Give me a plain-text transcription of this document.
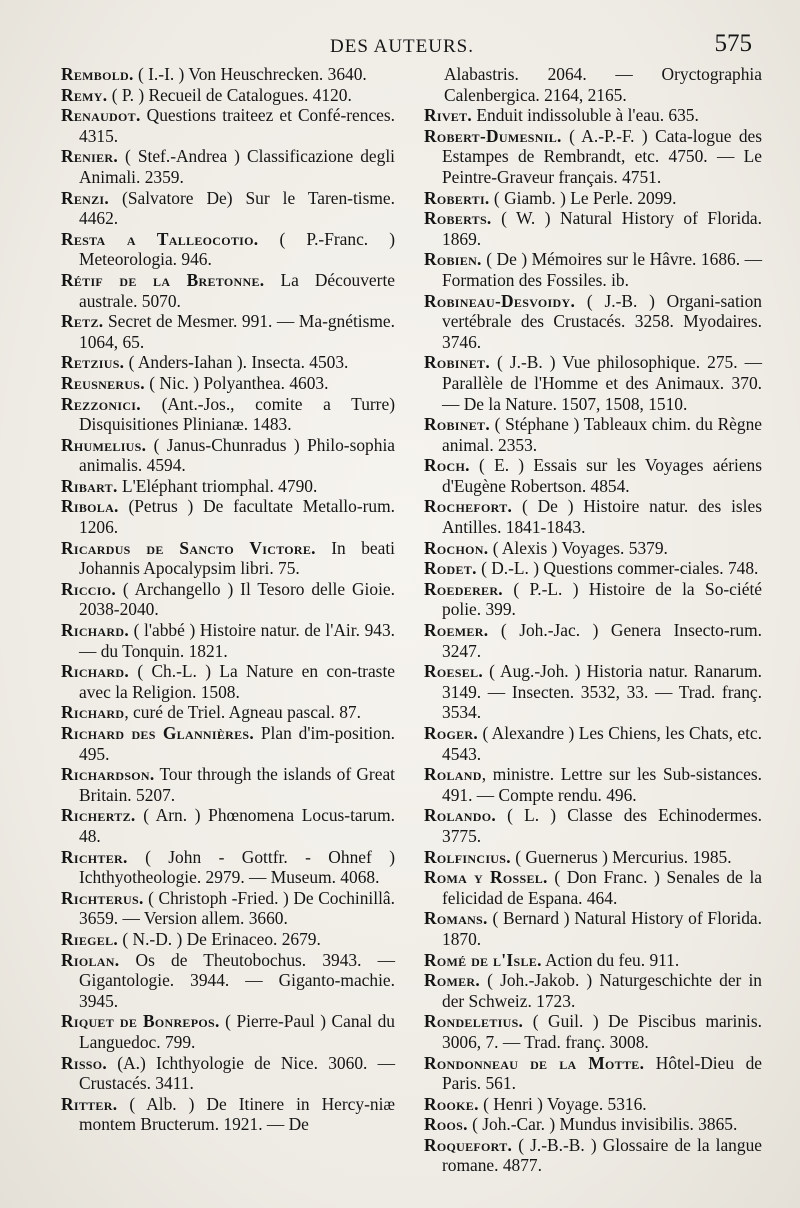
DES AUTEURS.	575

Rembold. ( I.-I. ) Von Heuschrecken. 3640.

Remy. ( P. ) Recueil de Catalogues. 4120.

Renaudot. Questions traiteez et Confé-rences. 4315.

Renier. ( Stef.-Andrea ) Classificazione degli Animali. 2359.

Renzi. (Salvatore De) Sur le Taren-tisme. 4462.

Resta a Talleocotio. ( P.-Franc. ) Meteorologia. 946.

Rétif de la Bretonne. La Découverte australe. 5070.

Retz. Secret de Mesmer. 991. — Ma-gnétisme. 1064, 65.

Retzius. ( Anders-Iahan ). Insecta. 4503.

Reusnerus. ( Nic. ) Polyanthea. 4603.

Rezzonici. (Ant.-Jos., comite a Turre) Disquisitiones Plinianæ. 1483.

Rhumelius. ( Janus-Chunradus ) Philo-sophia animalis. 4594.

Ribart. L'Eléphant triomphal. 4790.

Ribola. (Petrus ) De facultate Metallo-rum. 1206.

Ricardus de Sancto Victore. In beati Johannis Apocalypsim libri. 75.

Riccio. ( Archangello ) Il Tesoro delle Gioie. 2038-2040.

Richard. ( l'abbé ) Histoire natur. de l'Air. 943. — du Tonquin. 1821.

Richard. ( Ch.-L. ) La Nature en con-traste avec la Religion. 1508.

Richard, curé de Triel. Agneau pascal. 87.

Richard des Glannières. Plan d'im-position. 495.

Richardson. Tour through the islands of Great Britain. 5207.

Richertz. ( Arn. ) Phœnomena Locus-tarum. 48.

Richter. ( John - Gottfr. - Ohnef ) Ichthyotheologie. 2979. — Museum. 4068.

Richterus. ( Christoph -Fried. ) De Cochinillâ. 3659. — Version allem. 3660.

Riegel. ( N.-D. ) De Erinaceo. 2679.

Riolan. Os de Theutobochus. 3943. — Gigantologie. 3944. — Giganto-machie. 3945.

Riquet de Bonrepos. ( Pierre-Paul ) Canal du Languedoc. 799.

Risso. (A.) Ichthyologie de Nice. 3060. — Crustacés. 3411.

Ritter. ( Alb. ) De Itinere in Hercy-niæ montem Bructerum. 1921. — De

Alabastris. 2064. — Oryctographia Calenbergica. 2164, 2165.

Rivet. Enduit indissoluble à l'eau. 635.

Robert-Dumesnil. ( A.-P.-F. ) Cata-logue des Estampes de Rembrandt, etc. 4750. — Le Peintre-Graveur français. 4751.

Roberti. ( Giamb. ) Le Perle. 2099.

Roberts. ( W. ) Natural History of Florida. 1869.

Robien. ( De ) Mémoires sur le Hâvre. 1686. — Formation des Fossiles. ib.

Robineau-Desvoidy. ( J.-B. ) Organi-sation vertébrale des Crustacés. 3258. Myodaires. 3746.

Robinet. ( J.-B. ) Vue philosophique. 275. — Parallèle de l'Homme et des Animaux. 370. — De la Nature. 1507, 1508, 1510.

Robinet. ( Stéphane ) Tableaux chim. du Règne animal. 2353.

Roch. ( E. ) Essais sur les Voyages aériens d'Eugène Robertson. 4854.

Rochefort. ( De ) Histoire natur. des isles Antilles. 1841-1843.

Rochon. ( Alexis ) Voyages. 5379.

Rodet. ( D.-L. ) Questions commer-ciales. 748.

Roederer. ( P.-L. ) Histoire de la So-ciété polie. 399.

Roemer. ( Joh.-Jac. ) Genera Insecto-rum. 3247.

Roesel. ( Aug.-Joh. ) Historia natur. Ranarum. 3149. — Insecten. 3532, 33. — Trad. franç. 3534.

Roger. ( Alexandre ) Les Chiens, les Chats, etc. 4543.

Roland, ministre. Lettre sur les Sub-sistances. 491. — Compte rendu. 496.

Rolando. ( L. ) Classe des Echinodermes. 3775.

Rolfincius. ( Guernerus ) Mercurius. 1985.

Roma y Rossel. ( Don Franc. ) Senales de la felicidad de Espana. 464.

Romans. ( Bernard ) Natural History of Florida. 1870.

Romé de l'Isle. Action du feu. 911.

Romer. ( Joh.-Jakob. ) Naturgeschichte der in der Schweiz. 1723.

Rondeletius. ( Guil. ) De Piscibus marinis. 3006, 7. — Trad. franç. 3008.

Rondonneau de la Motte. Hôtel-Dieu de Paris. 561.

Rooke. ( Henri ) Voyage. 5316.

Roos. ( Joh.-Car. ) Mundus invisibilis. 3865.

Roquefort. ( J.-B.-B. ) Glossaire de la langue romane. 4877.
